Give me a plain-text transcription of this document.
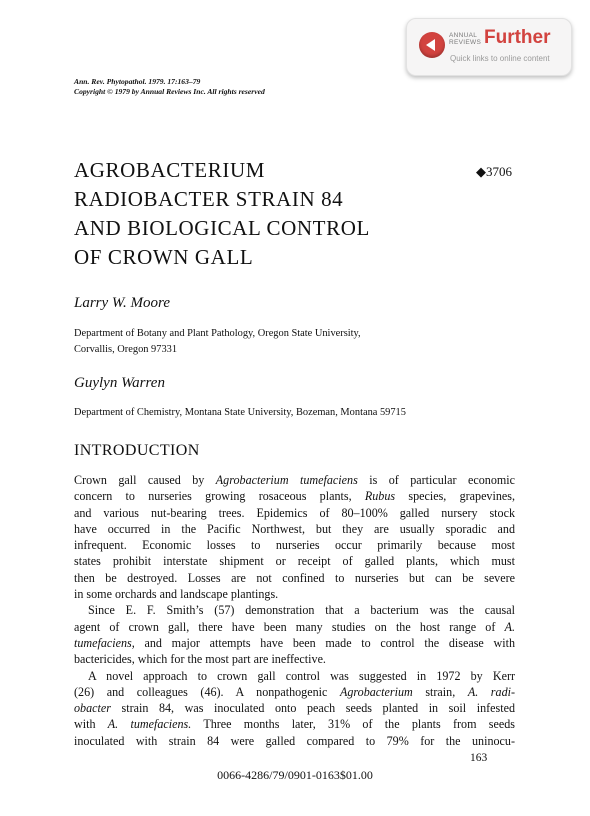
ANNUAL
REVIEWS Further
Quick links to online content
Ann. Rev. Phytopathol. 1979. 17:163–79
Copyright © 1979 by Annual Reviews Inc. All rights reserved
AGROBACTERIUM
RADIOBACTER STRAIN 84
AND BIOLOGICAL CONTROL
OF CROWN GALL
◆3706
Larry W. Moore
Department of Botany and Plant Pathology, Oregon State University,
Corvallis, Oregon 97331
Guylyn Warren
Department of Chemistry, Montana State University, Bozeman, Montana 59715
INTRODUCTION
Crown gall caused by Agrobacterium tumefaciens is of particular economic
concern to nurseries growing rosaceous plants, Rubus species, grapevines,
and various nut-bearing trees. Epidemics of 80–100% galled nursery stock
have occurred in the Pacific Northwest, but they are usually sporadic and
infrequent. Economic losses to nurseries occur primarily because most
states prohibit interstate shipment or receipt of galled plants, which must
then be destroyed. Losses are not confined to nurseries but can be severe
in some orchards and landscape plantings.
Since E. F. Smith’s (57) demonstration that a bacterium was the causal
agent of crown gall, there have been many studies on the host range of A.
tumefaciens, and major attempts have been made to control the disease with
bactericides, which for the most part are ineffective.
A novel approach to crown gall control was suggested in 1972 by Kerr
(26) and colleagues (46). A nonpathogenic Agrobacterium strain, A. radi-
obacter strain 84, was inoculated onto peach seeds planted in soil infested
with A. tumefaciens. Three months later, 31% of the plants from seeds
inoculated with strain 84 were galled compared to 79% for the uninocu-
163
0066-4286/79/0901-0163$01.00
